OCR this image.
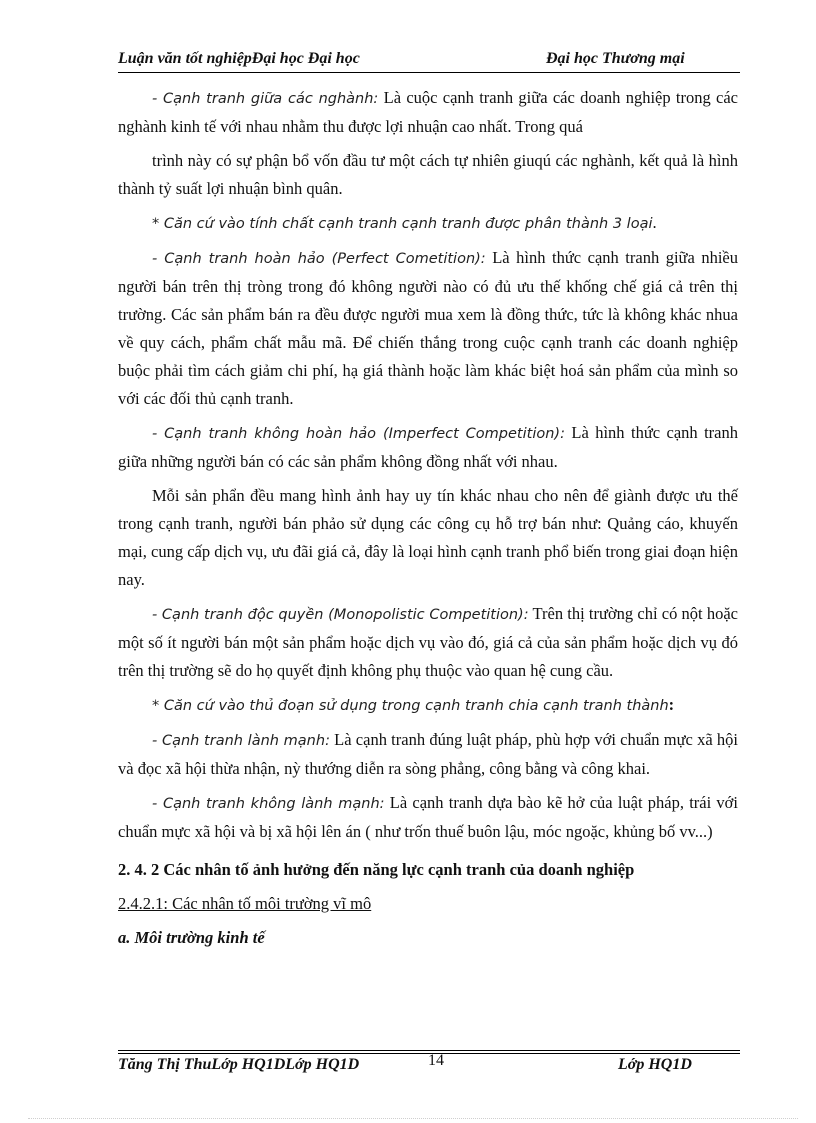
Luận văn tốt nghiệpĐại học Đại học	Đại học Thương mại

- Cạnh tranh giữa các nghành: Là cuộc cạnh tranh giữa các doanh nghiệp trong các nghành kinh tế với nhau nhằm thu được lợi nhuận cao nhất. Trong quá

trình này có sự phận bổ vốn đầu tư một cách tự nhiên giuqú các nghành, kết quả là hình thành tỷ suất lợi nhuận bình quân.

* Căn cứ vào tính chất cạnh tranh cạnh tranh được phân thành 3 loại.

- Cạnh tranh hoàn hảo (Perfect Cometition): Là hình thức cạnh tranh giữa nhiều người bán trên thị tròng trong đó không người nào có đủ ưu thế khống chế giá cả trên thị trường. Các sản phẩm bán ra đều được người mua xem là đồng thức, tức là không khác nhua về quy cách, phẩm chất mẫu mã. Để chiến thắng trong cuộc cạnh tranh các doanh nghiệp buộc phải tìm cách giảm chi phí, hạ giá thành hoặc làm khác biệt hoá sản phẩm của mình so với các đối thủ cạnh tranh.

- Cạnh tranh không hoàn hảo (Imperfect Competition): Là hình thức cạnh tranh giữa những người bán có các sản phẩm không đồng nhất với nhau.

Mỗi sản phẩn đều mang hình ảnh hay uy tín khác nhau cho nên để giành được ưu thế trong cạnh tranh, người bán phảo sử dụng các công cụ hỗ trợ bán như: Quảng cáo, khuyến mại, cung cấp dịch vụ, ưu đãi giá cả, đây là loại hình cạnh tranh phổ biến trong giai đoạn hiện nay.

- Cạnh tranh độc quyền (Monopolistic Competition): Trên thị trường chỉ có nột hoặc một số ít người bán một sản phẩm hoặc dịch vụ vào đó, giá cả của sản phẩm hoặc dịch vụ đó trên thị trường sẽ do họ quyết định không phụ thuộc vào quan hệ cung cầu.

* Căn cứ vào thủ đoạn sử dụng trong cạnh tranh chia cạnh tranh thành:

- Cạnh tranh lành mạnh: Là cạnh tranh đúng luật pháp, phù hợp với chuẩn mực xã hội và đọc xã hội thừa nhận, nỳ thướng diễn ra sòng phẳng, công bằng và công khai.

- Cạnh tranh không lành mạnh: Là cạnh tranh dựa bào kẽ hở của luật pháp, trái với chuẩn mực xã hội và bị xã hội lên án ( như trốn thuế buôn lậu, móc ngoặc, khủng bố vv...)

2. 4. 2 Các nhân tố ảnh hưởng đến năng lực cạnh tranh của doanh nghiệp

2.4.2.1: Các nhân tố môi trường vĩ mô

a. Môi trường kinh tế

Tăng Thị ThuLớp HQ1DLớp HQ1D	14	Lớp HQ1D
